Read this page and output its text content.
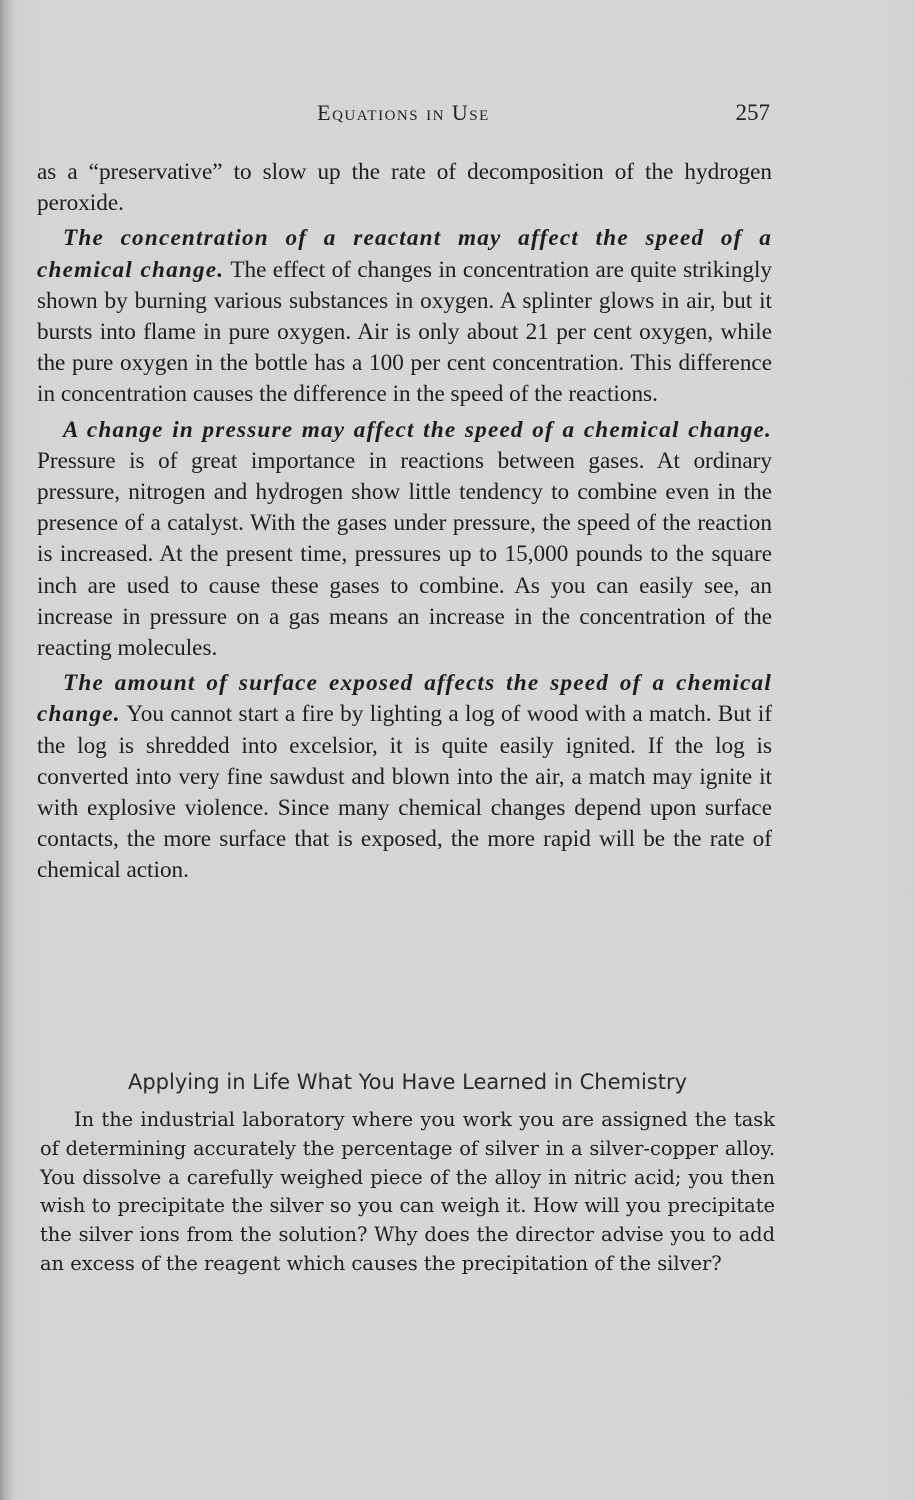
Equations in Use	257

as a “preservative” to slow up the rate of decomposition of the hydrogen peroxide.

The concentration of a reactant may affect the speed of a chemical change. The effect of changes in concentration are quite strikingly shown by burning various substances in oxygen. A splinter glows in air, but it bursts into flame in pure oxygen. Air is only about 21 per cent oxygen, while the pure oxygen in the bottle has a 100 per cent concentration. This difference in concentration causes the difference in the speed of the reactions.

A change in pressure may affect the speed of a chemical change. Pressure is of great importance in reactions between gases. At ordinary pressure, nitrogen and hydrogen show little tendency to combine even in the presence of a catalyst. With the gases under pressure, the speed of the reaction is increased. At the present time, pressures up to 15,000 pounds to the square inch are used to cause these gases to combine. As you can easily see, an increase in pressure on a gas means an increase in the concentration of the reacting molecules.

The amount of surface exposed affects the speed of a chemical change. You cannot start a fire by lighting a log of wood with a match. But if the log is shredded into excelsior, it is quite easily ignited. If the log is converted into very fine sawdust and blown into the air, a match may ignite it with explosive violence. Since many chemical changes depend upon surface contacts, the more surface that is exposed, the more rapid will be the rate of chemical action.

Applying in Life What You Have Learned in Chemistry

In the industrial laboratory where you work you are assigned the task of determining accurately the percentage of silver in a silver-copper alloy. You dissolve a carefully weighed piece of the alloy in nitric acid; you then wish to precipitate the silver so you can weigh it. How will you precipitate the silver ions from the solution? Why does the director advise you to add an excess of the reagent which causes the precipitation of the silver?
